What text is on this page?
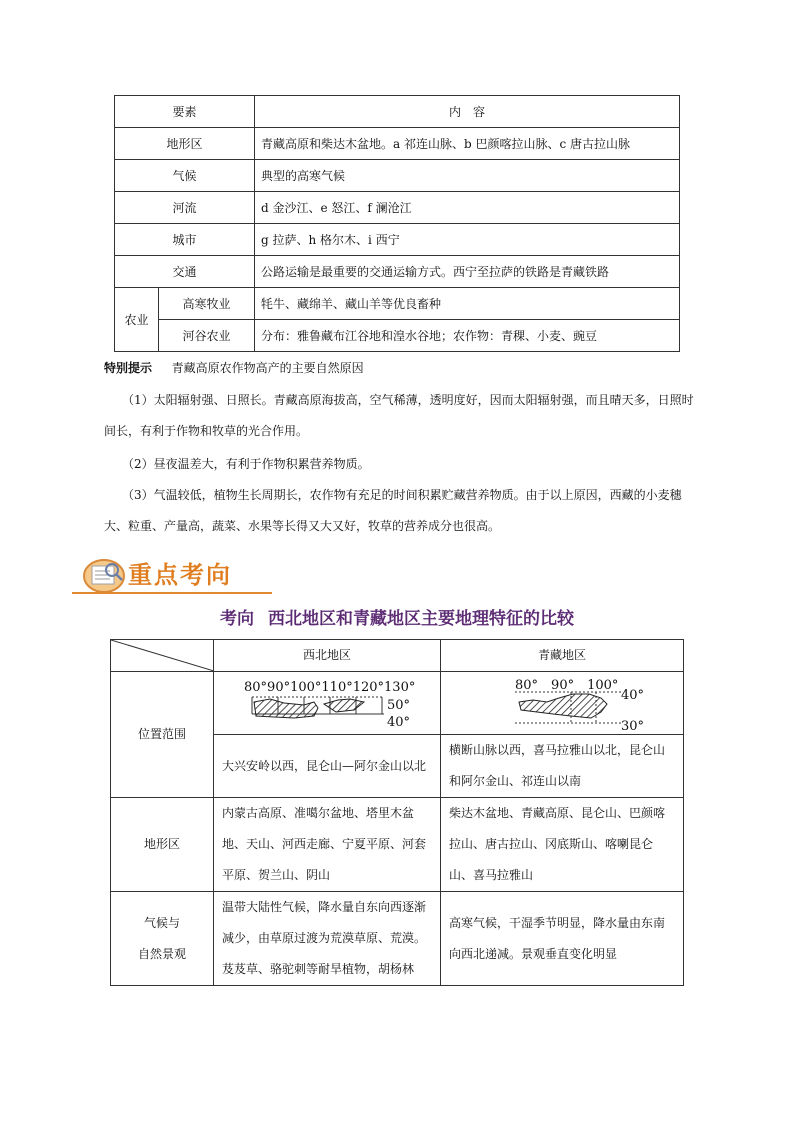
要素		内　容
地形区		青藏高原和柴达木盆地。a 祁连山脉、b 巴颜喀拉山脉、c 唐古拉山脉
气候		典型的高寒气候
河流		d 金沙江、e 怒江、f 澜沧江
城市		g 拉萨、h 格尔木、i 西宁
交通		公路运输是最重要的交通运输方式。西宁至拉萨的铁路是青藏铁路
农业	高寒牧业	牦牛、藏绵羊、藏山羊等优良畜种
	河谷农业	分布：雅鲁藏布江谷地和湟水谷地；农作物：青稞、小麦、豌豆
特别提示 青藏高原农作物高产的主要自然原因
（1）太阳辐射强、日照长。青藏高原海拔高，空气稀薄，透明度好，因而太阳辐射强，而且晴天多，日照时间长，有利于作物和牧草的光合作用。
（2）昼夜温差大，有利于作物积累营养物质。
（3）气温较低，植物生长周期长，农作物有充足的时间积累贮藏营养物质。由于以上原因，西藏的小麦穗大、粒重、产量高，蔬菜、水果等长得又大又好，牧草的营养成分也很高。
重点考向
考向 西北地区和青藏地区主要地理特征的比较
	西北地区	青藏地区
位置范围	80°90°100°110°120°130°
50°
40°	80°　90°　100°
40°
30°

	大兴安岭以西，昆仑山—阿尔金山以北	横断山脉以西，喜马拉雅山以北，昆仑山和阿尔金山、祁连山以南
地形区	内蒙古高原、准噶尔盆地、塔里木盆地、天山、河西走廊、宁夏平原、河套平原、贺兰山、阴山	柴达木盆地、青藏高原、昆仑山、巴颜喀拉山、唐古拉山、冈底斯山、喀喇昆仑山、喜马拉雅山

气候与
自然景观	温带大陆性气候，降水量自东向西逐渐减少，由草原过渡为荒漠草原、荒漠。芨芨草、骆驼刺等耐旱植物，胡杨林	高寒气候，干湿季节明显，降水量由东南向西北递减。景观垂直变化明显
